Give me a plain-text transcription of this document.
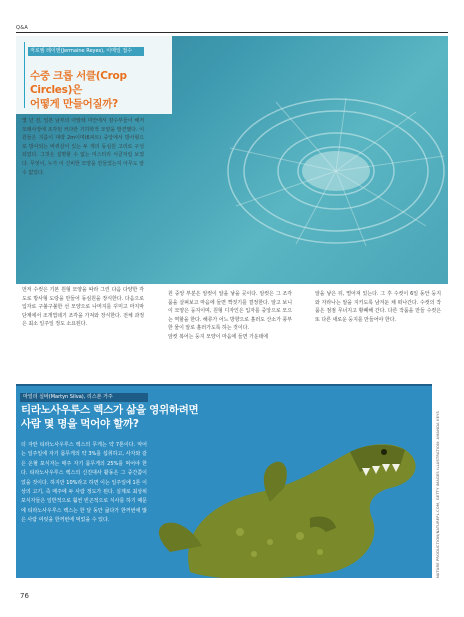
Q&A
저로엠 레이엔(Jermaine Reyes), 이메일 접수
수중 크롭 서클(Crop Circles)은
어떻게 만들어질까?

몇 년 전, 일본 남부의 아말레 미안에서 잠수부들이 해저 모래사장에 조각된 커다란 기하학적 모양을 발견했다. 이 원들은 지름이 대략 2m이며(6피트) 중앙에서 방사형으로 방사되는 바퀴살이 있는 두 개의 동심원 고리로 구성되었다. 그것은 설명할 수 없는 미스터리 서클처럼 보였다. 무엇이, 누가 이 신비한 모양을 만들었는지 아무도 알 수 없었다.

먼저 수컷은 기본 원형 모양을 따라 그린 다음 다양한 각도로 방사형 도랑을 만들어 동심원을 장식한다. 다음으로 입자로 구불구불한 선 모양으로 나머지를 꾸미고 마지막 단계에서 조개껍데기 조각을 가져와 장식한다. 전체 과정은 최소 일주일 정도 소요된다.

원 중앙 부분은 암컷이 알을 낳을 곳이다. 암컷은 그 조각품을 살펴보고 마음에 들면 짝짓기를 결정한다. 알고 보니 이 모양은 둥지이며, 원형 디자인은 입자를 중앙으로 모으는 역할을 한다. 해류가 어느 방향으로 흘러도 산소가 풍부한 물이 알로 흘러가도록 하는 것이다.

암컷 복어는 둥지 모양이 마음에 들면 가운데에

알을 낳은 뒤, 떨어져 있는다. 그 후 수컷이 6일 동안 둥지와 자라나는 알을 지키도록 남겨둔 채 떠나간다. 수컷의 작품은 점점 무너지고 황폐해 간다. 다른 작품을 만들 수컷은 또 다른 새로운 둥지를 만들어야 한다.

마얼리 실바(Martyn Silva), 리스본 거주
티라노사우루스 렉스가 삶을 영위하려면
사람 몇 명을 먹어야 할까?

더 자란 티라노사우루스 렉스의 무게는 약 7톤이다. 악어는 일주일에 자기 몸무게의 약 3%를 섭취하고, 사자와 같은 온혈 포식자는 매주 자기 몸무게의 25%를 먹어야 한다. 티라노사우루스 렉스의 신진대사 활동은 그 중간쯤이었을 것이다. 하지만 10%라고 하면 이는 일주일에 1톤 이상의 고기, 즉 매주에 두 사람 정도가 된다. 실제로 최상위 포식자들은 일반적으로 훨씬 빈곤적으로 식사를 하기 때문에 티라노사우루스 렉스는 한 달 동안 굶다가 한꺼번에 많은 사람 여럿을 한꺼번에 먹었을 수 있다.	NATURE PRODUCTION/NATUREPL.COM, GETTY IMAGES ILLUSTRATION: AMANDA KEYS
76
